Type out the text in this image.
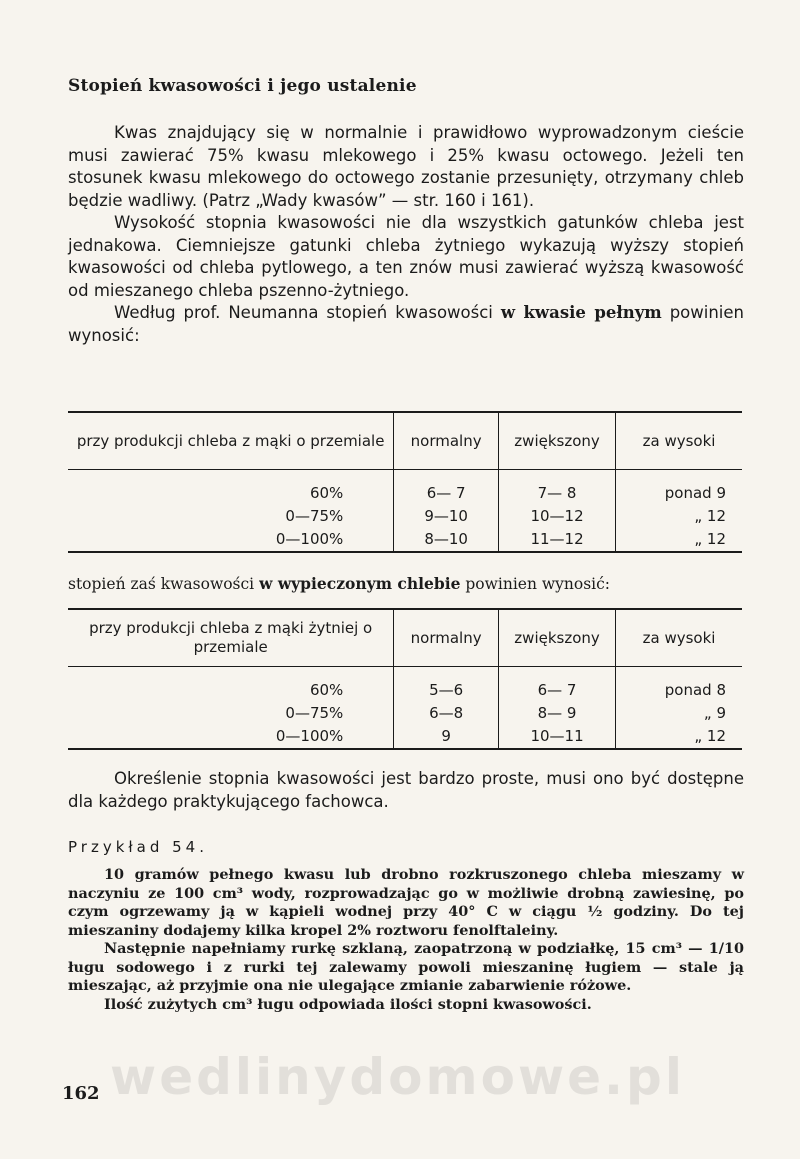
Stopień kwasowości i jego ustalenie

Kwas znajdujący się w normalnie i prawidłowo wyprowadzonym cieście musi zawierać 75% kwasu mlekowego i 25% kwasu octowego. Jeżeli ten stosunek kwasu mlekowego do octowego zostanie przesunięty, otrzymany chleb będzie wadliwy. (Patrz „Wady kwasów” — str. 160 i 161).

Wysokość stopnia kwasowości nie dla wszystkich gatunków chleba jest jednakowa. Ciemniejsze gatunki chleba żytniego wykazują wyższy stopień kwasowości od chleba pytlowego, a ten znów musi zawierać wyższą kwasowość od mieszanego chleba pszenno-żytniego.

Według prof. Neumanna stopień kwasowości w kwasie pełnym powinien wynosić:

przy produkcji chleba z mąki o przemiale	normalny	zwiększony	za wysoki
60%	6— 7	7— 8	ponad 9
0—75%	9—10	10—12	„ 12
0—100%	8—10	11—12	„ 12
stopień zaś kwasowości w wypieczonym chlebie powinien wynosić:
przy produkcji chleba z mąki żytniej o przemiale	normalny	zwiększony	za wysoki
60%	5—6	6— 7	ponad 8
0—75%	6—8	8— 9	„ 9
0—100%	9	10—11	„ 12

Określenie stopnia kwasowości jest bardzo proste, musi ono być dostępne dla każdego praktykującego fachowca.

Przykład 54.

10 gramów pełnego kwasu lub drobno rozkruszonego chleba mieszamy w naczyniu ze 100 cm³ wody, rozprowadzając go w możliwie drobną zawiesinę, po czym ogrzewamy ją w kąpieli wodnej przy 40° C w ciągu ½ godziny. Do tej mieszaniny dodajemy kilka kropel 2% roztworu fenolftaleiny.

Następnie napełniamy rurkę szklaną, zaopatrzoną w podziałkę, 15 cm³ — 1/10 ługu sodowego i z rurki tej zalewamy powoli mieszaninę ługiem — stale ją mieszając, aż przyjmie ona nie ulegające zmianie zabarwienie różowe.

Ilość zużytych cm³ ługu odpowiada ilości stopni kwasowości.

wedlinydomowe.pl
162
